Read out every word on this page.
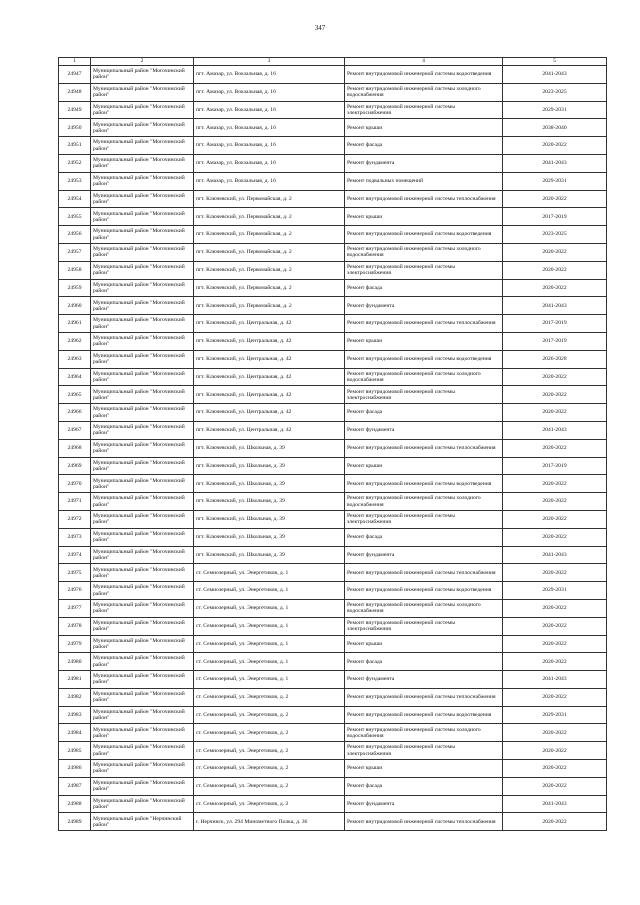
347
1	2	3	4	5
24947	Муниципальный район "Могочинский район"	пгт. Амазар, ул. Вокзальная, д. 16	Ремонт внутридомовой инженерной системы водоотведения	2041-2043
24948	Муниципальный район "Могочинский район"	пгт. Амазар, ул. Вокзальная, д. 16	Ремонт внутридомовой инженерной системы холодного водоснабжения	2023-2025
24949	Муниципальный район "Могочинский район"	пгт. Амазар, ул. Вокзальная, д. 16	Ремонт внутридомовой инженерной системы электроснабжения	2029-2031
24950	Муниципальный район "Могочинский район"	пгт. Амазар, ул. Вокзальная, д. 16	Ремонт крыши	2038-2040
24951	Муниципальный район "Могочинский район"	пгт. Амазар, ул. Вокзальная, д. 16	Ремонт фасада	2020-2022
24952	Муниципальный район "Могочинский район"	пгт. Амазар, ул. Вокзальная, д. 16	Ремонт фундамента	2041-2043
24953	Муниципальный район "Могочинский район"	пгт. Амазар, ул. Вокзальная, д. 16	Ремонт подвальных помещений	2029-2031
24954	Муниципальный район "Могочинский район"	пгт. Ключевский, ул. Первомайская, д. 2	Ремонт внутридомовой инженерной системы теплоснабжения	2020-2022
24955	Муниципальный район "Могочинский район"	пгт. Ключевский, ул. Первомайская, д. 2	Ремонт крыши	2017-2019
24956	Муниципальный район "Могочинский район"	пгт. Ключевский, ул. Первомайская, д. 2	Ремонт внутридомовой инженерной системы водоотведения	2023-2025
24957	Муниципальный район "Могочинский район"	пгт. Ключевский, ул. Первомайская, д. 2	Ремонт внутридомовой инженерной системы холодного водоснабжения	2020-2022
24958	Муниципальный район "Могочинский район"	пгт. Ключевский, ул. Первомайская, д. 2	Ремонт внутридомовой инженерной системы электроснабжения	2020-2022
24959	Муниципальный район "Могочинский район"	пгт. Ключевский, ул. Первомайская, д. 2	Ремонт фасада	2020-2022
24960	Муниципальный район "Могочинский район"	пгт. Ключевский, ул. Первомайская, д. 2	Ремонт фундамента	2041-2043
24961	Муниципальный район "Могочинский район"	пгт. Ключевский, ул. Центральная, д. 42	Ремонт внутридомовой инженерной системы теплоснабжения	2017-2019
24962	Муниципальный район "Могочинский район"	пгт. Ключевский, ул. Центральная, д. 42	Ремонт крыши	2017-2019
24963	Муниципальный район "Могочинский район"	пгт. Ключевский, ул. Центральная, д. 42	Ремонт внутридомовой инженерной системы водоотведения	2026-2028
24964	Муниципальный район "Могочинский район"	пгт. Ключевский, ул. Центральная, д. 42	Ремонт внутридомовой инженерной системы холодного водоснабжения	2020-2022
24965	Муниципальный район "Могочинский район"	пгт. Ключевский, ул. Центральная, д. 42	Ремонт внутридомовой инженерной системы электроснабжения	2020-2022
24966	Муниципальный район "Могочинский район"	пгт. Ключевский, ул. Центральная, д. 42	Ремонт фасада	2020-2022
24967	Муниципальный район "Могочинский район"	пгт. Ключевский, ул. Центральная, д. 42	Ремонт фундамента	2041-2043
24968	Муниципальный район "Могочинский район"	пгт. Ключевский, ул. Школьная, д. 39	Ремонт внутридомовой инженерной системы теплоснабжения	2020-2022
24969	Муниципальный район "Могочинский район"	пгт. Ключевский, ул. Школьная, д. 39	Ремонт крыши	2017-2019
24970	Муниципальный район "Могочинский район"	пгт. Ключевский, ул. Школьная, д. 39	Ремонт внутридомовой инженерной системы водоотведения	2020-2022
24971	Муниципальный район "Могочинский район"	пгт. Ключевский, ул. Школьная, д. 39	Ремонт внутридомовой инженерной системы холодного водоснабжения	2020-2022
24972	Муниципальный район "Могочинский район"	пгт. Ключевский, ул. Школьная, д. 39	Ремонт внутридомовой инженерной системы электроснабжения	2020-2022
24973	Муниципальный район "Могочинский район"	пгт. Ключевский, ул. Школьная, д. 39	Ремонт фасада	2020-2022
24974	Муниципальный район "Могочинский район"	пгт. Ключевский, ул. Школьная, д. 39	Ремонт фундамента	2041-2043
24975	Муниципальный район "Могочинский район"	ст. Семиозерный, ул. Энергетиков, д. 1	Ремонт внутридомовой инженерной системы теплоснабжения	2020-2022
24976	Муниципальный район "Могочинский район"	ст. Семиозерный, ул. Энергетиков, д. 1	Ремонт внутридомовой инженерной системы водоотведения	2029-2031
24977	Муниципальный район "Могочинский район"	ст. Семиозерный, ул. Энергетиков, д. 1	Ремонт внутридомовой инженерной системы холодного водоснабжения	2020-2022
24978	Муниципальный район "Могочинский район"	ст. Семиозерный, ул. Энергетиков, д. 1	Ремонт внутридомовой инженерной системы электроснабжения	2020-2022
24979	Муниципальный район "Могочинский район"	ст. Семиозерный, ул. Энергетиков, д. 1	Ремонт крыши	2020-2022
24980	Муниципальный район "Могочинский район"	ст. Семиозерный, ул. Энергетиков, д. 1	Ремонт фасада	2020-2022
24981	Муниципальный район "Могочинский район"	ст. Семиозерный, ул. Энергетиков, д. 1	Ремонт фундамента	2041-2043
24982	Муниципальный район "Могочинский район"	ст. Семиозерный, ул. Энергетиков, д. 2	Ремонт внутридомовой инженерной системы теплоснабжения	2020-2022
24983	Муниципальный район "Могочинский район"	ст. Семиозерный, ул. Энергетиков, д. 2	Ремонт внутридомовой инженерной системы водоотведения	2029-2031
24984	Муниципальный район "Могочинский район"	ст. Семиозерный, ул. Энергетиков, д. 2	Ремонт внутридомовой инженерной системы холодного водоснабжения	2020-2022
24985	Муниципальный район "Могочинский район"	ст. Семиозерный, ул. Энергетиков, д. 2	Ремонт внутридомовой инженерной системы электроснабжения	2020-2022
24986	Муниципальный район "Могочинский район"	ст. Семиозерный, ул. Энергетиков, д. 2	Ремонт крыши	2020-2022
24987	Муниципальный район "Могочинский район"	ст. Семиозерный, ул. Энергетиков, д. 2	Ремонт фасада	2020-2022
24988	Муниципальный район "Могочинский район"	ст. Семиозерный, ул. Энергетиков, д. 2	Ремонт фундамента	2041-2043
24989	Муниципальный район "Нерчинский район"	г. Нерчинск, ул. 294 Минометного Полка, д. 36	Ремонт внутридомовой инженерной системы теплоснабжения	2020-2022
